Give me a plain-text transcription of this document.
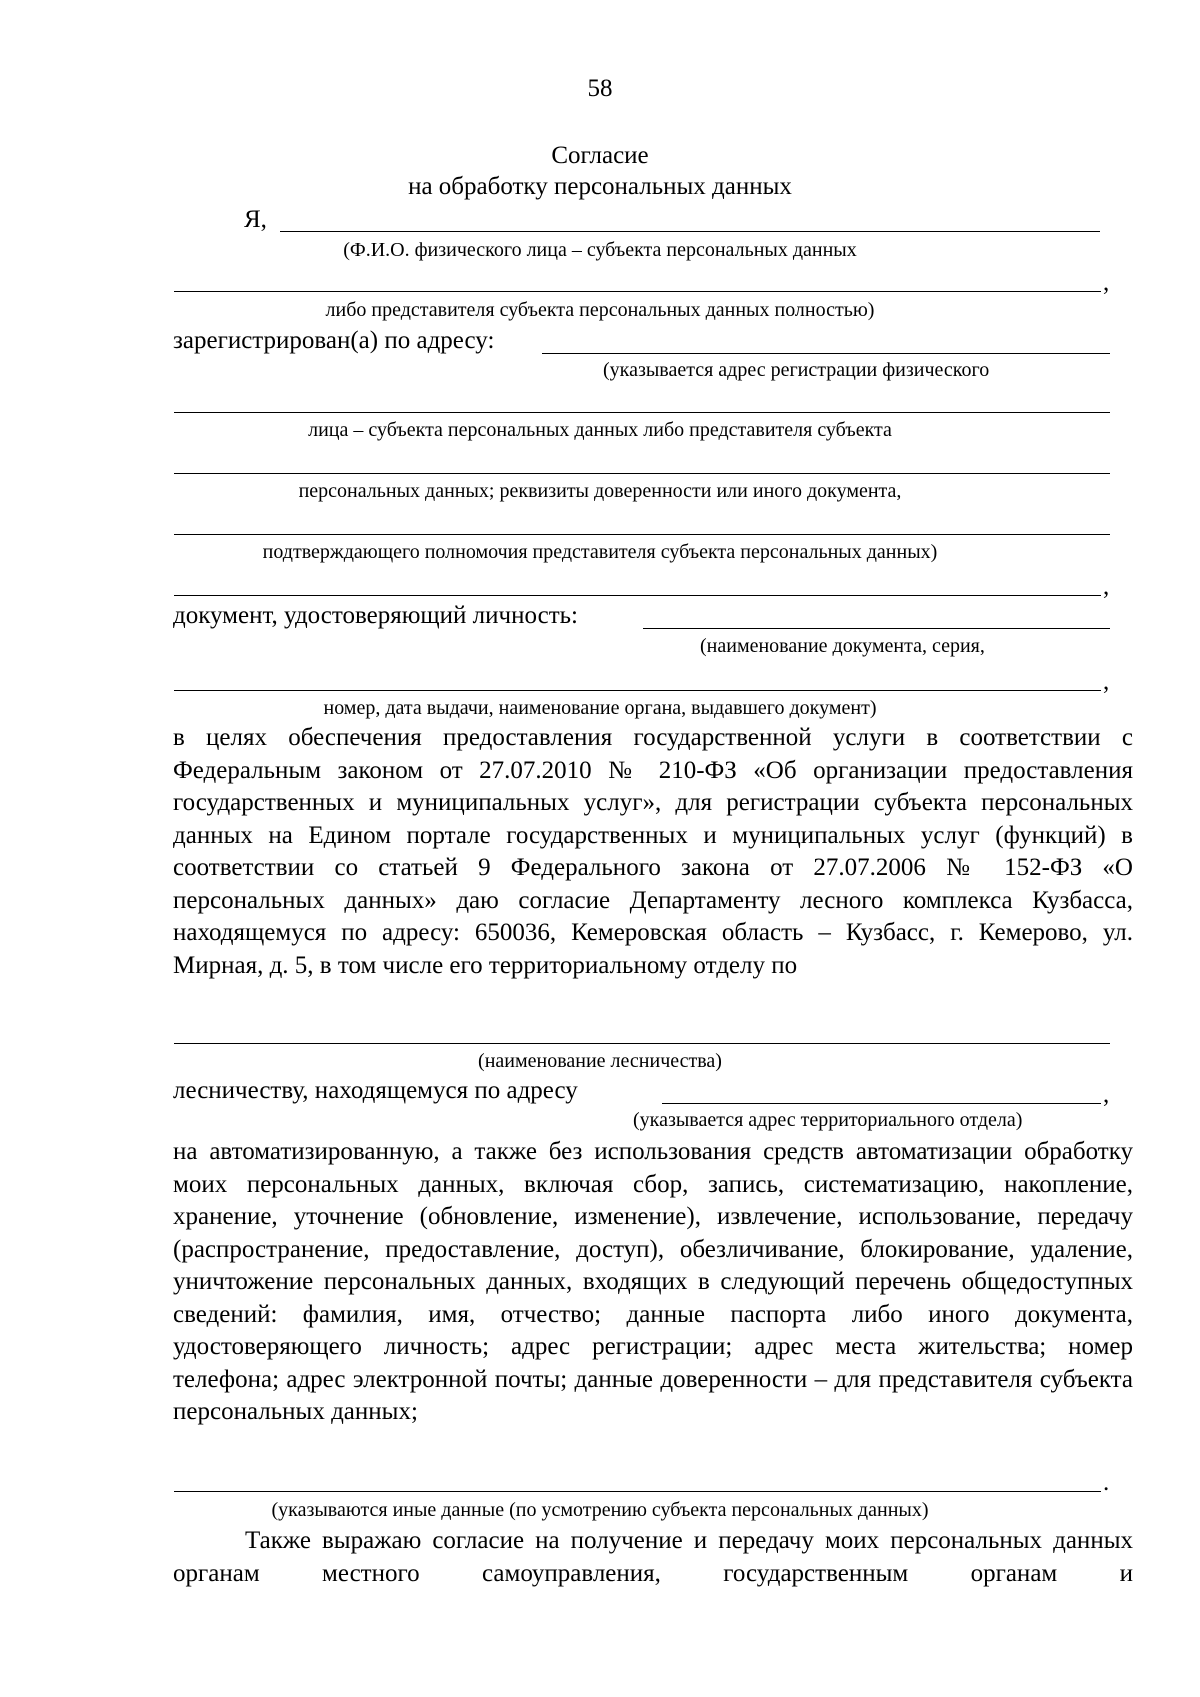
58
Согласие
на обработку персональных данных
Я,
(Ф.И.О. физического лица – субъекта персональных данных
,
либо представителя субъекта персональных данных полностью)
зарегистрирован(а) по адресу:
(указывается адрес регистрации физического
лица – субъекта персональных данных либо представителя субъекта
персональных данных; реквизиты доверенности или иного документа,
подтверждающего полномочия представителя субъекта персональных данных)
,
документ, удостоверяющий личность:
(наименование документа, серия,
,
номер, дата выдачи, наименование органа, выдавшего документ)
в целях обеспечения предоставления государственной услуги в соответствии с Федеральным законом от 27.07.2010 № 210-ФЗ «Об организации предоставления государственных и муниципальных услуг», для регистрации субъекта персональных данных на Едином портале государственных и муниципальных услуг (функций) в соответствии со статьей 9 Федерального закона от 27.07.2006 № 152-ФЗ «О персональных данных» даю согласие Департаменту лесного комплекса Кузбасса, находящемуся по адресу: 650036, Кемеровская область – Кузбасс, г. Кемерово, ул. Мирная, д. 5, в том числе его территориальному отделу по
(наименование лесничества)
лесничеству, находящемуся по адресу	,
(указывается адрес территориального отдела)
на автоматизированную, а также без использования средств автоматизации обработку моих персональных данных, включая сбор, запись, систематизацию, накопление, хранение, уточнение (обновление, изменение), извлечение, использование, передачу (распространение, предоставление, доступ), обезличивание, блокирование, удаление, уничтожение персональных данных, входящих в следующий перечень общедоступных сведений: фамилия, имя, отчество; данные паспорта либо иного документа, удостоверяющего личность; адрес регистрации; адрес места жительства; номер телефона; адрес электронной почты; данные доверенности – для представителя субъекта персональных данных;
.
(указываются иные данные (по усмотрению субъекта персональных данных)
Также выражаю согласие на получение и передачу моих персональных данных органам местного самоуправления, государственным органам и
